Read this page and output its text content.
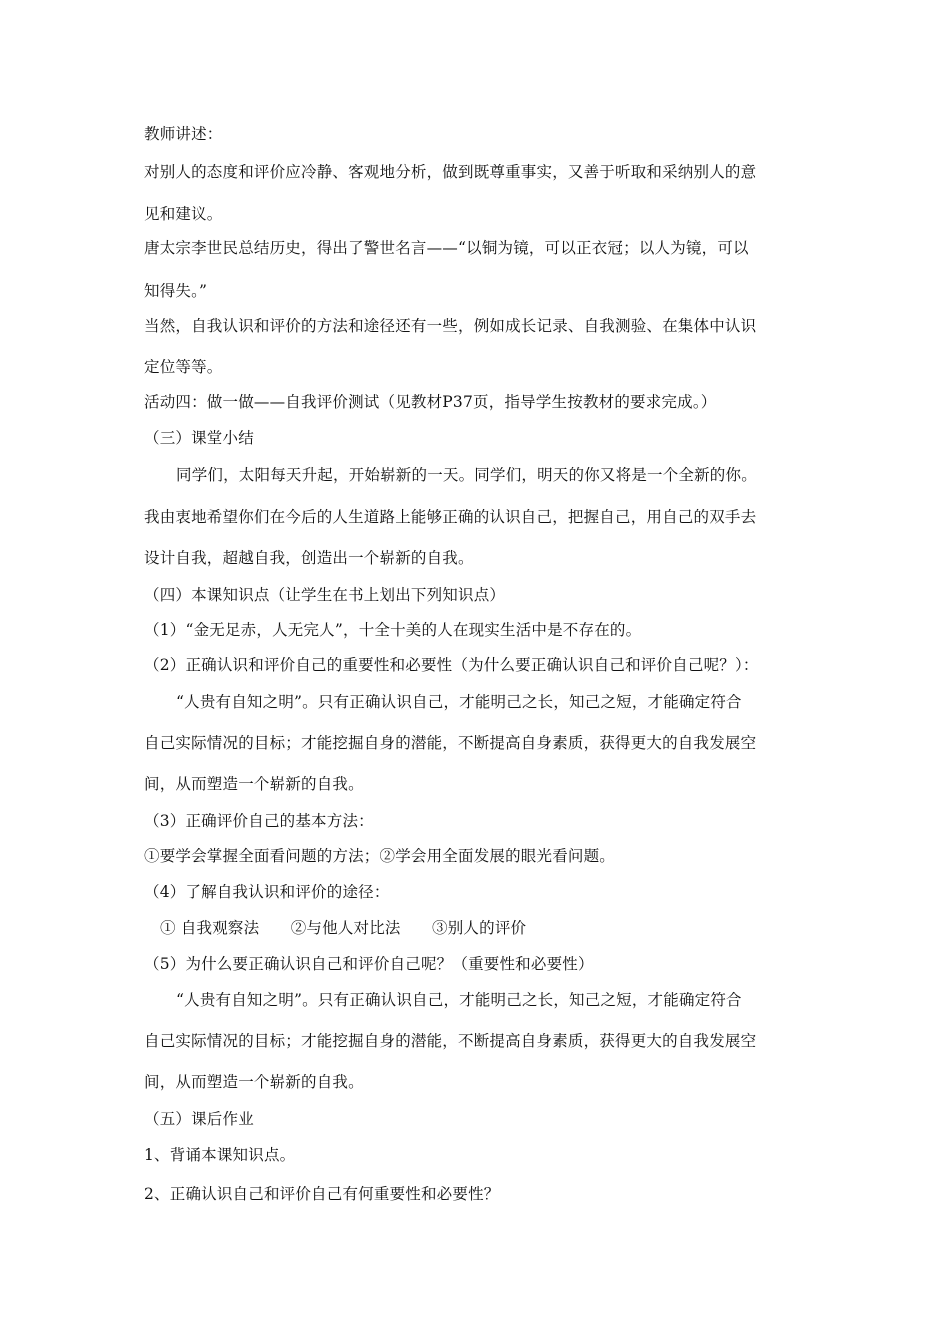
教师讲述：

对别人的态度和评价应冷静、客观地分析，做到既尊重事实，又善于听取和采纳别人的意

见和建议。

唐太宗李世民总结历史，得出了警世名言——“以铜为镜，可以正衣冠；以人为镜，可以

知得失。”

当然，自我认识和评价的方法和途径还有一些，例如成长记录、自我测验、在集体中认识

定位等等。

活动四：做一做——自我评价测试（见教材P37页，指导学生按教材的要求完成。）

（三）课堂小结

同学们，太阳每天升起，开始崭新的一天。同学们，明天的你又将是一个全新的你。

我由衷地希望你们在今后的人生道路上能够正确的认识自己，把握自己，用自己的双手去

设计自我，超越自我，创造出一个崭新的自我。

（四）本课知识点（让学生在书上划出下列知识点）

（1）“金无足赤，人无完人”，十全十美的人在现实生活中是不存在的。

（2）正确认识和评价自己的重要性和必要性（为什么要正确认识自己和评价自己呢？）：

“人贵有自知之明”。只有正确认识自己，才能明己之长，知己之短，才能确定符合

自己实际情况的目标；才能挖掘自身的潜能，不断提高自身素质，获得更大的自我发展空

间，从而塑造一个崭新的自我。

（3）正确评价自己的基本方法：

①要学会掌握全面看问题的方法；②学会用全面发展的眼光看问题。

（4）了解自我认识和评价的途径：

① 自我观察法　　②与他人对比法　　③别人的评价

（5）为什么要正确认识自己和评价自己呢？（重要性和必要性）

“人贵有自知之明”。只有正确认识自己，才能明己之长，知己之短，才能确定符合

自己实际情况的目标；才能挖掘自身的潜能，不断提高自身素质，获得更大的自我发展空

间，从而塑造一个崭新的自我。

（五）课后作业

1、背诵本课知识点。

2、正确认识自己和评价自己有何重要性和必要性？
